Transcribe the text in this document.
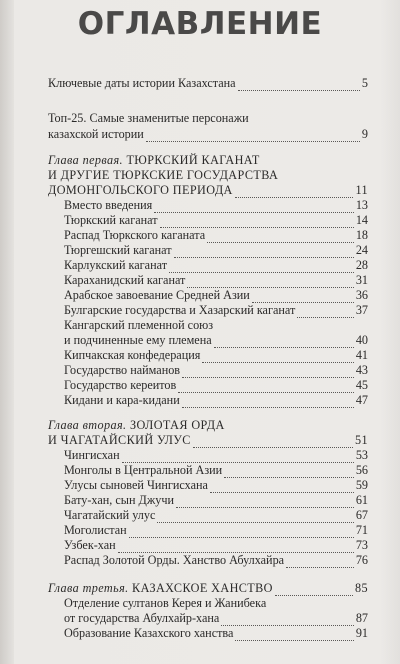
ОГЛАВЛЕНИЕ
Ключевые даты истории Казахстана	5
Топ-25. Самые знаменитые персонажи
казахской истории	9
Глава первая. ТЮРКСКИЙ КАГАНАТ
И ДРУГИЕ ТЮРКСКИЕ ГОСУДАРСТВА
ДОМОНГОЛЬСКОГО ПЕРИОДА	11
Вместо введения	13
Тюркский каганат	14
Распад Тюркского каганата	18
Тюргешский каганат	24
Карлукский каганат	28
Караханидский каганат	31
Арабское завоевание Средней Азии	36
Булгарские государства и Хазарский каганат	37
Кангарский племенной союз
и подчиненные ему племена	40
Кипчакская конфедерация	41
Государство найманов	43
Государство кереитов	45
Кидани и кара-кидани	47
Глава вторая. ЗОЛОТАЯ ОРДА
И ЧАГАТАЙСКИЙ УЛУС	51
Чингисхан	53
Монголы в Центральной Азии	56
Улусы сыновей Чингисхана	59
Бату-хан, сын Джучи	61
Чагатайский улус	67
Моголистан	71
Узбек-хан	73
Распад Золотой Орды. Ханство Абулхайра	76
Глава третья. КАЗАХСКОЕ ХАНСТВО	85
Отделение султанов Керея и Жанибека
от государства Абулхайр-хана	87
Образование Казахского ханства	91
